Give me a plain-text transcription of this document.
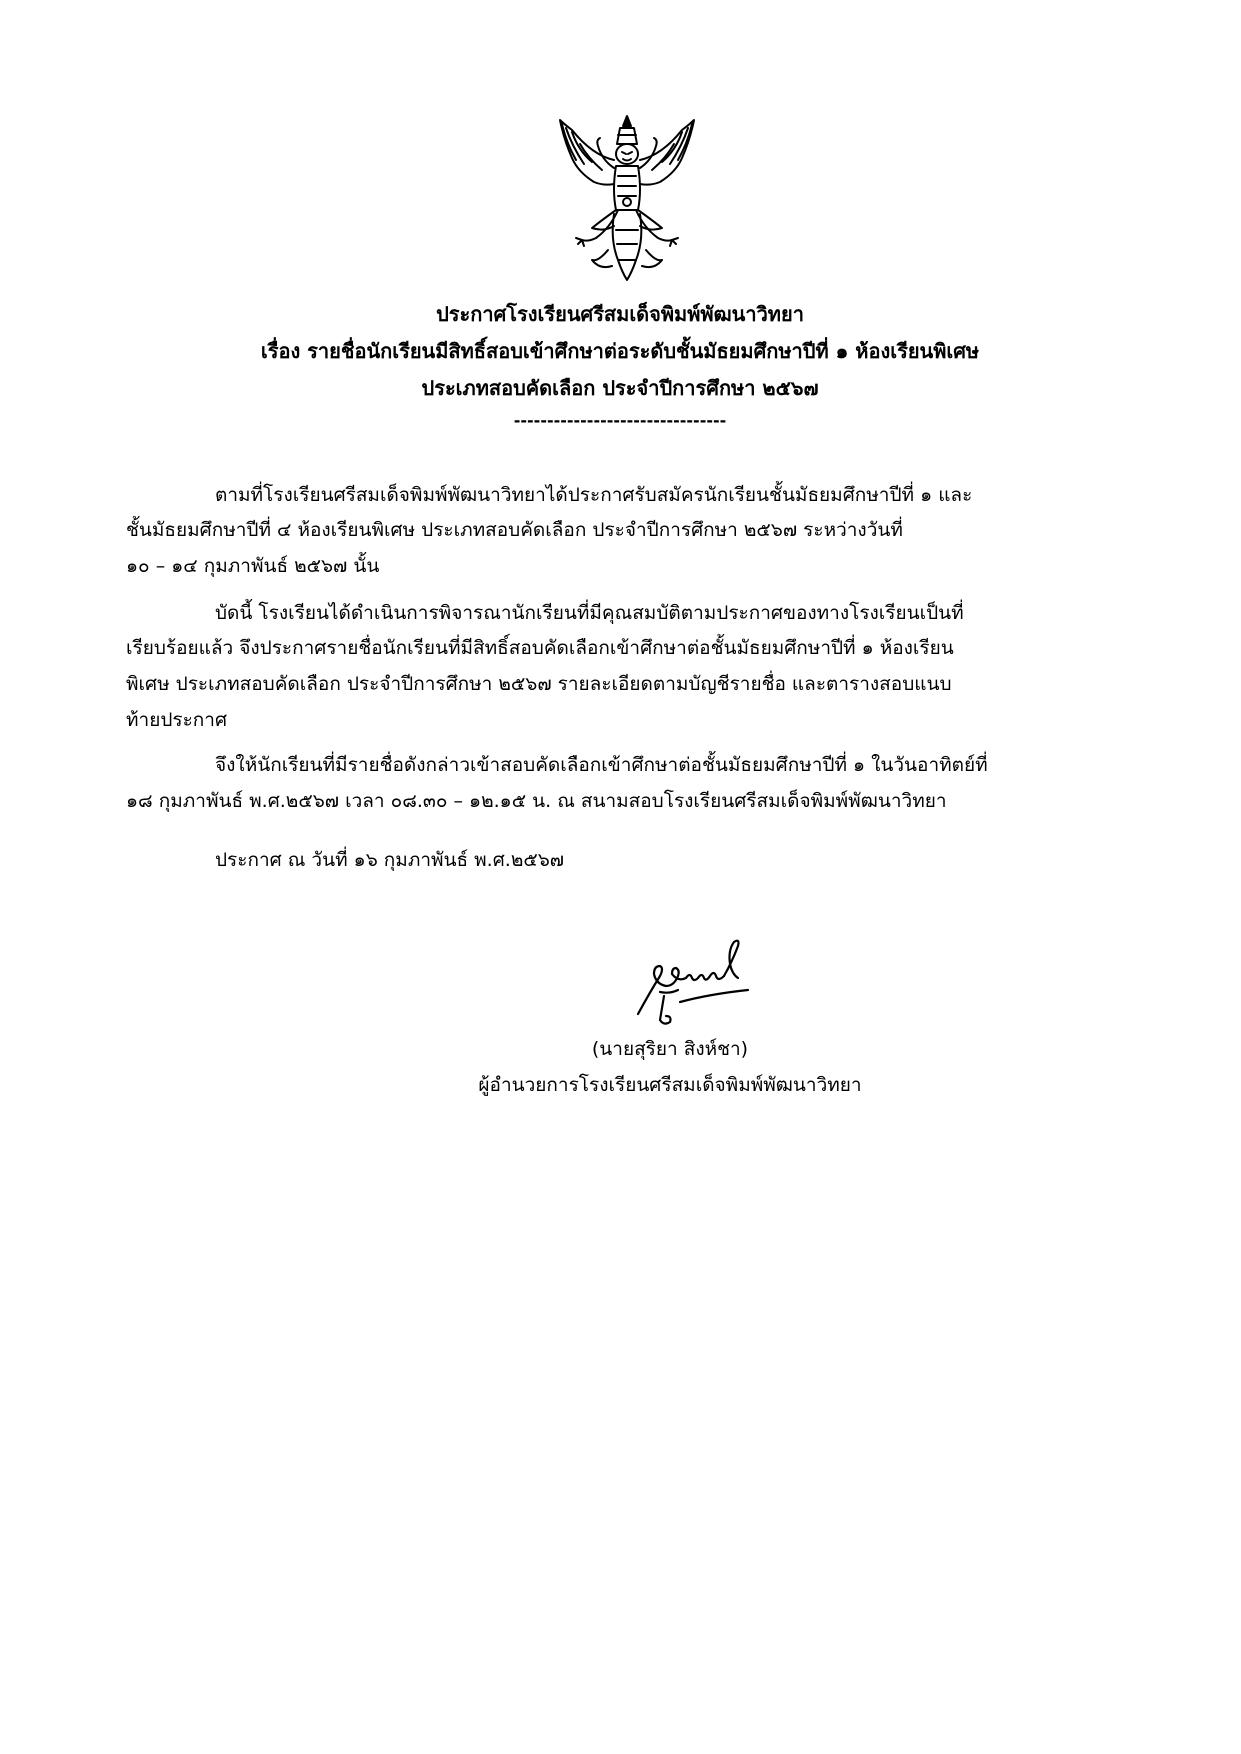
ประกาศโรงเรียนศรีสมเด็จพิมพ์พัฒนาวิทยา
เรื่อง รายชื่อนักเรียนมีสิทธิ์สอบเข้าศึกษาต่อระดับชั้นมัธยมศึกษาปีที่ ๑ ห้องเรียนพิเศษ
ประเภทสอบคัดเลือก ประจำปีการศึกษา ๒๕๖๗
--------------------------------
ตามที่โรงเรียนศรีสมเด็จพิมพ์พัฒนาวิทยาได้ประกาศรับสมัครนักเรียนชั้นมัธยมศึกษาปีที่ ๑ และ
ชั้นมัธยมศึกษาปีที่ ๔ ห้องเรียนพิเศษ ประเภทสอบคัดเลือก ประจำปีการศึกษา ๒๕๖๗ ระหว่างวันที่
๑๐ – ๑๔ กุมภาพันธ์ ๒๕๖๗ นั้น
บัดนี้ โรงเรียนได้ดำเนินการพิจารณานักเรียนที่มีคุณสมบัติตามประกาศของทางโรงเรียนเป็นที่
เรียบร้อยแล้ว จึงประกาศรายชื่อนักเรียนที่มีสิทธิ์สอบคัดเลือกเข้าศึกษาต่อชั้นมัธยมศึกษาปีที่ ๑ ห้องเรียน
พิเศษ ประเภทสอบคัดเลือก ประจำปีการศึกษา ๒๕๖๗ รายละเอียดตามบัญชีรายชื่อ และตารางสอบแนบ
ท้ายประกาศ
จึงให้นักเรียนที่มีรายชื่อดังกล่าวเข้าสอบคัดเลือกเข้าศึกษาต่อชั้นมัธยมศึกษาปีที่ ๑ ในวันอาทิตย์ที่
๑๘ กุมภาพันธ์ พ.ศ.๒๕๖๗ เวลา ๐๘.๓๐ – ๑๒.๑๕ น. ณ สนามสอบโรงเรียนศรีสมเด็จพิมพ์พัฒนาวิทยา
ประกาศ ณ วันที่ ๑๖ กุมภาพันธ์ พ.ศ.๒๕๖๗
(นายสุริยา สิงห์ชา)
ผู้อำนวยการโรงเรียนศรีสมเด็จพิมพ์พัฒนาวิทยา
